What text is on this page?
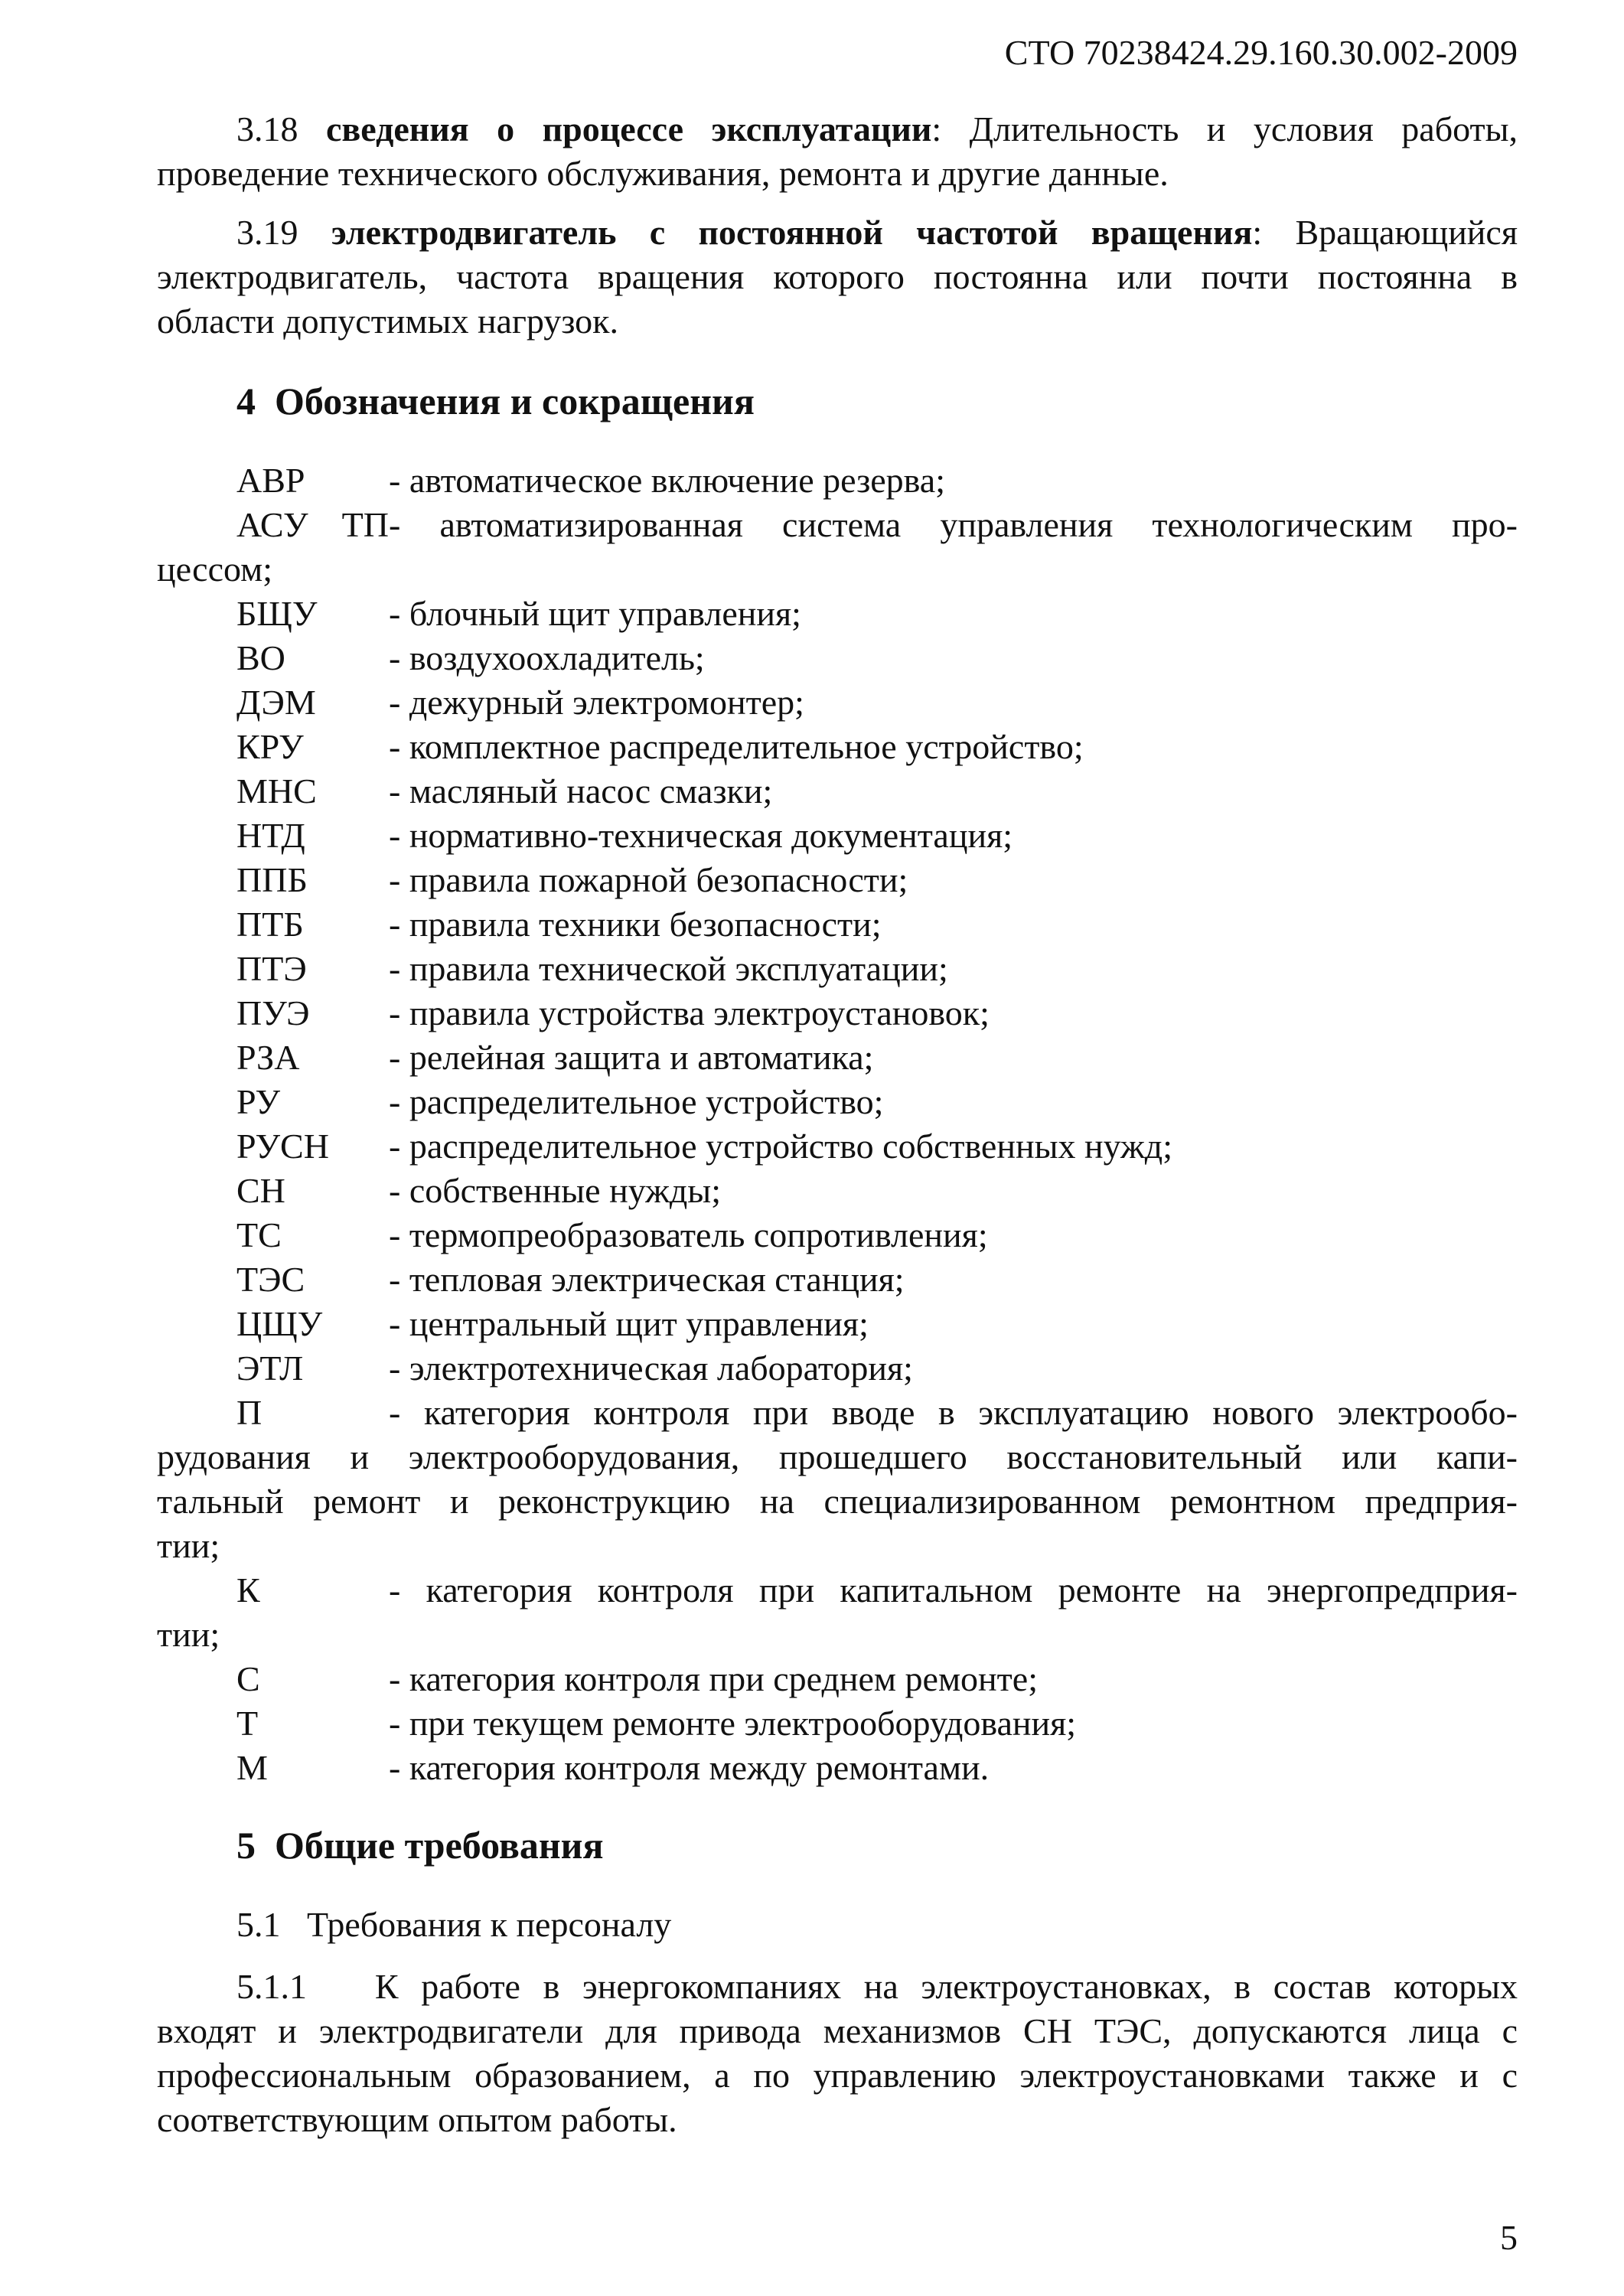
СТО 70238424.29.160.30.002-2009
3.18 сведения о процессе эксплуатации: Длительность и условия работы,
проведение технического обслуживания, ремонта и другие данные.
3.19 электродвигатель с постоянной частотой вращения: Вращающийся
электродвигатель, частота вращения которого постоянна или почти постоянна в
области допустимых нагрузок.
4  Обозначения и сокращения
АВР - автоматическое включение резерва;
АСУ ТП- автоматизированная система управления технологическим про-
цессом;
БЩУ - блочный щит управления;
ВО	- воздухоохладитель;
ДЭМ - дежурный электромонтер;
КРУ - комплектное распределительное устройство;
МНС - масляный насос смазки;
НТД - нормативно-техническая документация;
ППБ - правила пожарной безопасности;
ПТБ - правила техники безопасности;
ПТЭ - правила технической эксплуатации;
ПУЭ - правила устройства электроустановок;
РЗА	- релейная защита и автоматика;
РУ	- распределительное устройство;
РУСН - распределительное устройство собственных нужд;
СН	- собственные нужды;
ТС	- термопреобразователь сопротивления;
ТЭС - тепловая электрическая станция;
ЦЩУ - центральный щит управления;
ЭТЛ - электротехническая лаборатория;
П	- категория контроля при вводе в эксплуатацию нового электрообо-
рудования и электрооборудования, прошедшего восстановительный или капи-
тальный ремонт и реконструкцию на специализированном ремонтном предприя-
тии;
К	- категория контроля при капитальном ремонте на энергопредприя-
тии;
С	- категория контроля при среднем ремонте;
Т	- при текущем ремонте электрооборудования;
М	- категория контроля между ремонтами.
5  Общие требования
5.1   Требования к персоналу
5.1.1   К работе в энергокомпаниях на электроустановках, в состав которых
входят и электродвигатели для привода механизмов СН ТЭС, допускаются лица с
профессиональным образованием, а по управлению электроустановками также и с
соответствующим опытом работы.
5
